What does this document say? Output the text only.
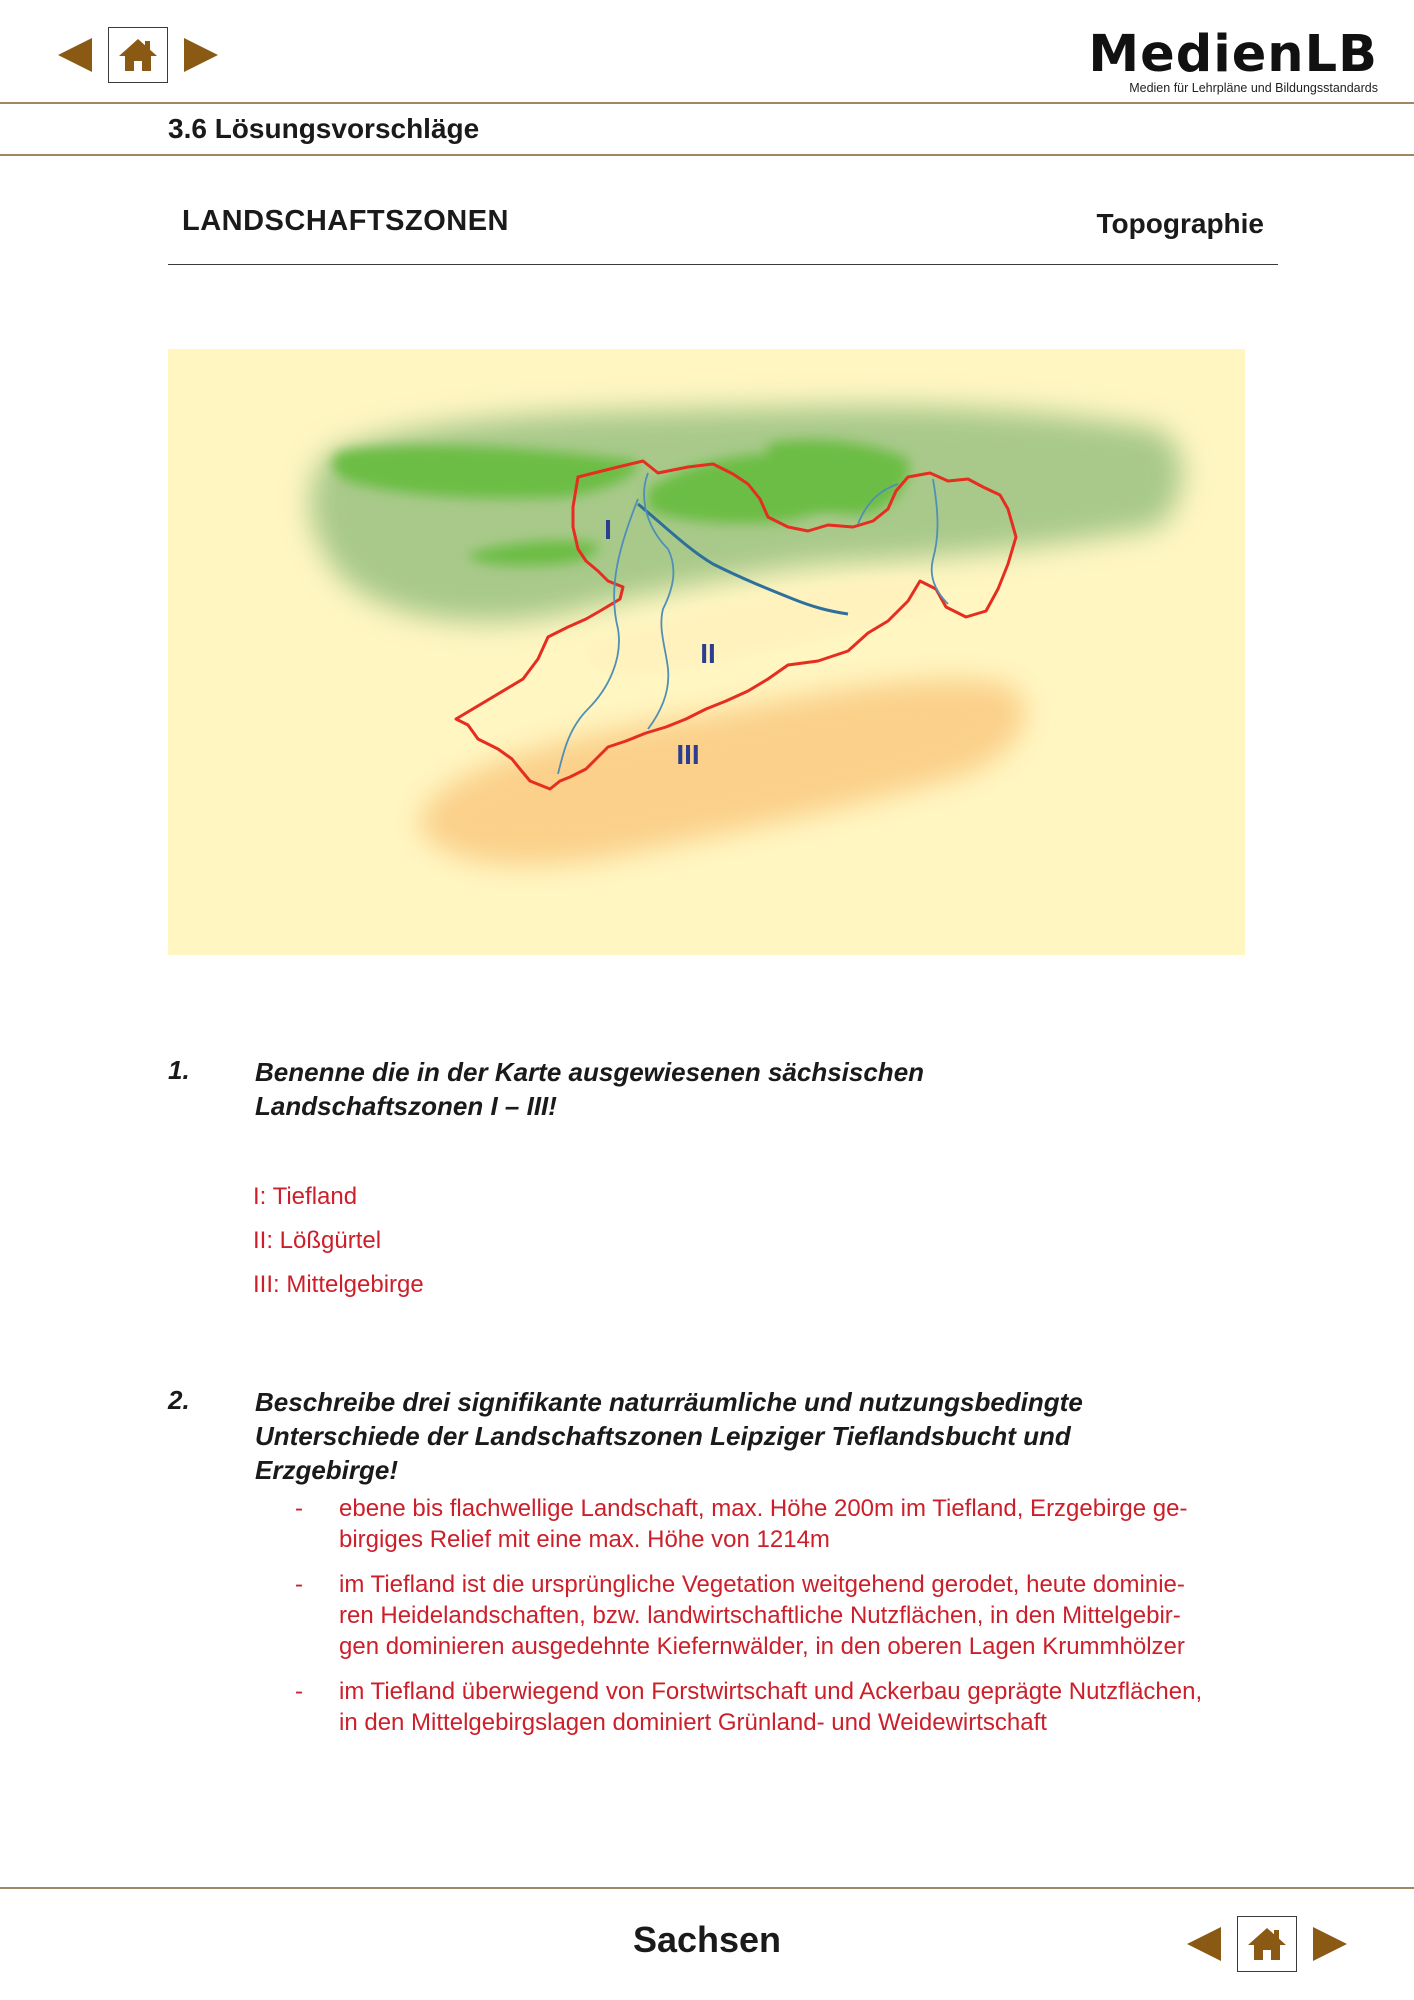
MedienLB
Medien für Lehrpläne und Bildungsstandards
3.6 Lösungsvorschläge
LANDSCHAFTSZONEN	Topographie
I
II
III
1.	Benenne die in der Karte ausgewiesenen sächsischen
Landschaftszonen I – III!
I: Tiefland
II: Lößgürtel
III: Mittelgebirge
2.	Beschreibe drei signifikante naturräumliche und nutzungsbedingte
Unterschiede der Landschaftszonen Leipziger Tieflandsbucht und
Erzgebirge!
- ebene bis flachwellige Landschaft, max. Höhe 200m im Tiefland, Erzgebirge ge-
birgiges Relief mit eine max. Höhe von 1214m
- im Tiefland ist die ursprüngliche Vegetation weitgehend gerodet, heute dominie-
ren Heidelandschaften, bzw. landwirtschaftliche Nutzflächen, in den Mittelgebir-
gen dominieren ausgedehnte Kiefernwälder, in den oberen Lagen Krummhölzer
- im Tiefland überwiegend von Forstwirtschaft und Ackerbau geprägte Nutzflächen,
in den Mittelgebirgslagen dominiert Grünland- und Weidewirtschaft
Sachsen
